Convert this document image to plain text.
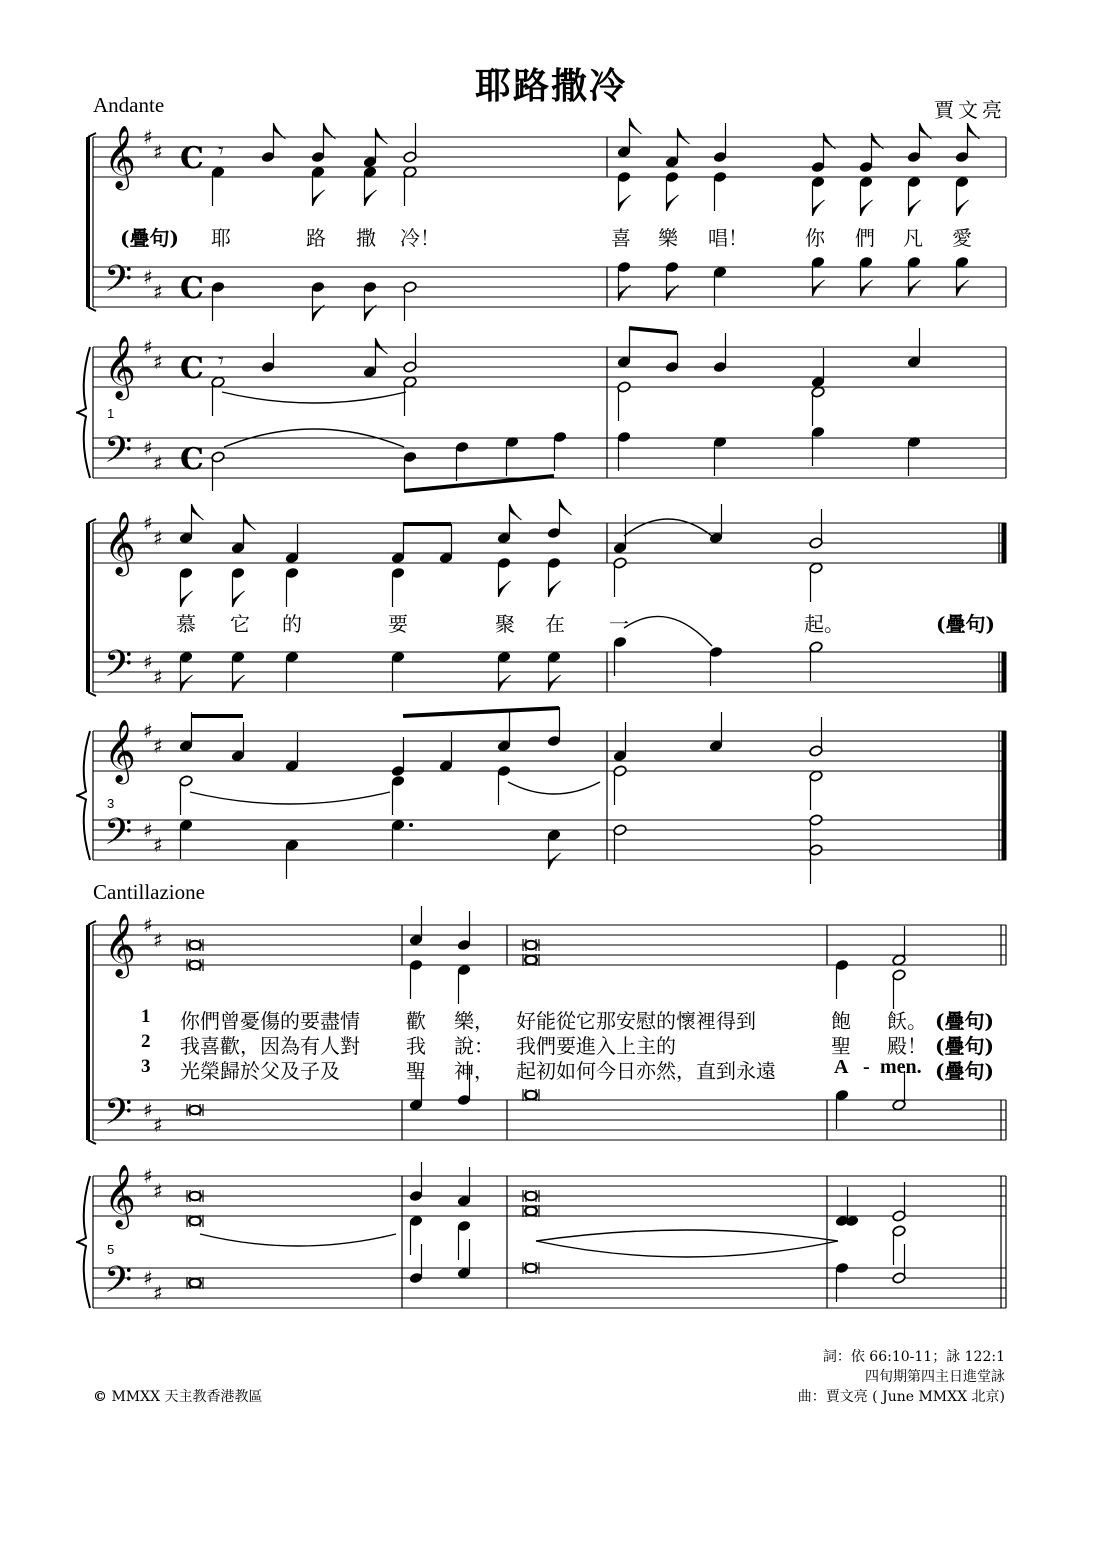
𝄞 ♯
♯
𝄢 ♯
♯
𝄞 ♯
♯
𝄢 ♯
♯
C
C
C
C
𝄾
𝄾
𝄞 ♯
♯
𝄢 ♯
♯
𝄞 ♯
♯
𝄢 ♯
♯
𝄞 ♯
♯
𝄢 ♯
♯
𝄞 ♯
♯
𝄢 ♯
♯
耶路撒冷
賈文亮
Andante
Cantillazione
(疊句) 耶	路 撒 冷！	喜 樂 唱！	你 們 凡 愛
慕 它 的	要	聚 在 一	起。	(疊句)
1 你們曾憂傷的要盡情 歡 樂， 好能從它那安慰的懷裡得到	飽 飫。 (疊句)
2 我喜歡，因為有人對 我 說： 我們要進入上主的	聖 殿！ (疊句)
3 光榮歸於父及子及	聖 神， 起初如何今日亦然，直到永遠	A - men. (疊句)
1
3
5
詞：依 66:10-11；詠 122:1
四旬期第四主日進堂詠
曲：賈文亮 ( June MMXX 北京)
© MMXX 天主教香港教區
